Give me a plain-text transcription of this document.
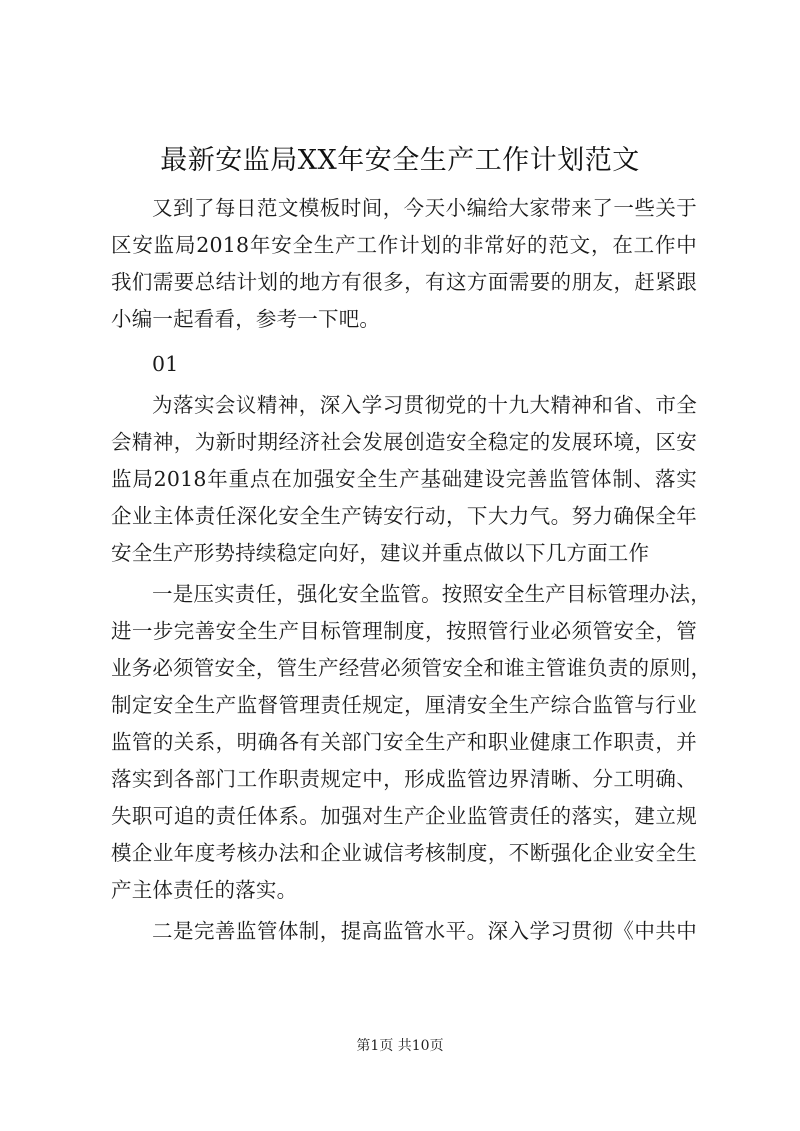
最新安监局XX年安全生产工作计划范文
又到了每日范文模板时间，今天小编给大家带来了一些关于
区安监局2018年安全生产工作计划的非常好的范文，在工作中
我们需要总结计划的地方有很多，有这方面需要的朋友，赶紧跟
小编一起看看，参考一下吧。
01
为落实会议精神，深入学习贯彻党的十九大精神和省、市全
会精神，为新时期经济社会发展创造安全稳定的发展环境，区安
监局2018年重点在加强安全生产基础建设完善监管体制、落实
企业主体责任深化安全生产铸安行动，下大力气。努力确保全年
安全生产形势持续稳定向好，建议并重点做以下几方面工作
一是压实责任，强化安全监管。按照安全生产目标管理办法，
进一步完善安全生产目标管理制度，按照管行业必须管安全，管
业务必须管安全，管生产经营必须管安全和谁主管谁负责的原则，
制定安全生产监督管理责任规定，厘清安全生产综合监管与行业
监管的关系，明确各有关部门安全生产和职业健康工作职责，并
落实到各部门工作职责规定中，形成监管边界清晰、分工明确、
失职可追的责任体系。加强对生产企业监管责任的落实，建立规
模企业年度考核办法和企业诚信考核制度，不断强化企业安全生
产主体责任的落实。
二是完善监管体制，提高监管水平。深入学习贯彻《中共中
第1页 共10页
